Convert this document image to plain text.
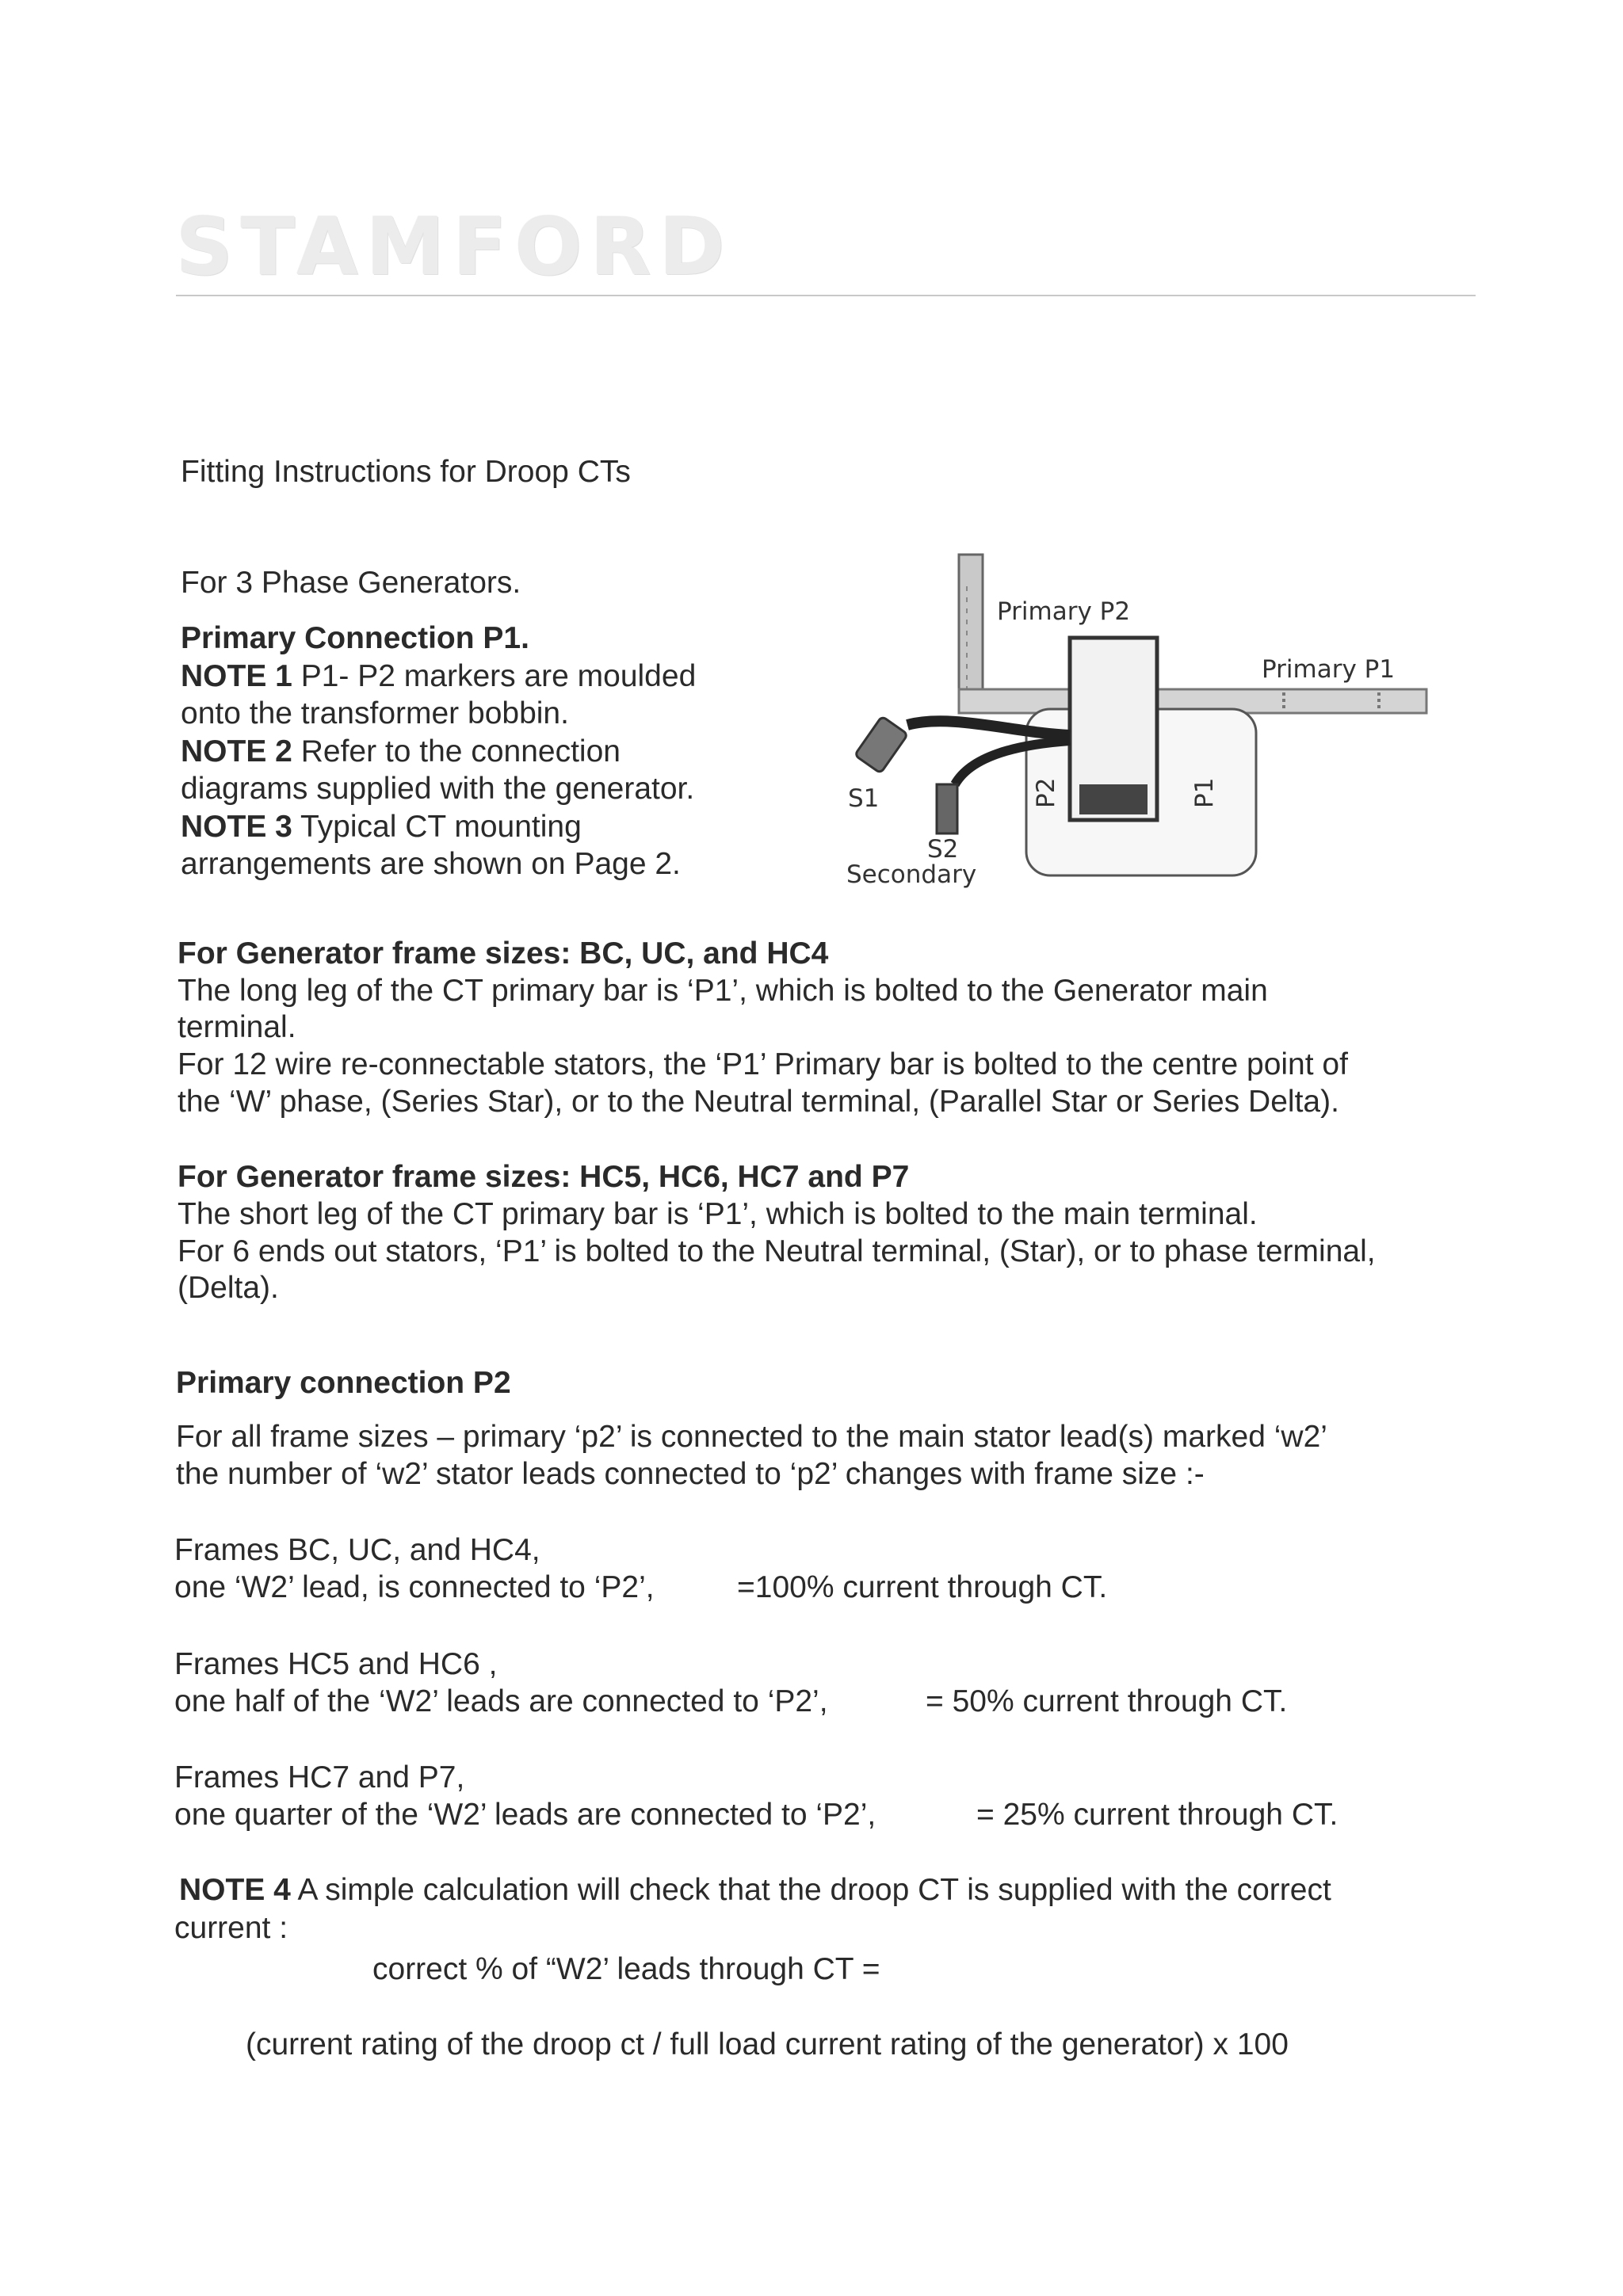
STAMFORD
Fitting Instructions for Droop CTs
For 3 Phase Generators.
Primary Connection P1.
NOTE 1 P1- P2 markers are moulded
onto the transformer bobbin.
NOTE 2 Refer to the connection
diagrams supplied with the generator.
NOTE 3 Typical CT mounting
arrangements are shown on Page 2.
Primary P2
Primary P1
S1
S2
Secondary
P2	P1
For Generator frame sizes: BC, UC, and HC4
The long leg of the CT primary bar is ‘P1’, which is bolted to the Generator main
terminal.
For 12 wire re-connectable stators, the ‘P1’ Primary bar is bolted to the centre point of
the ‘W’ phase, (Series Star), or to the Neutral terminal, (Parallel Star or Series Delta).
For Generator frame sizes: HC5, HC6, HC7 and P7
The short leg of the CT primary bar is ‘P1’, which is bolted to the main terminal.
For 6 ends out stators, ‘P1’ is bolted to the Neutral terminal, (Star), or to phase terminal,
(Delta).
Primary connection P2
For all frame sizes – primary ‘p2’ is connected to the main stator lead(s) marked ‘w2’
the number of ‘w2’ stator leads connected to ‘p2’ changes with frame size :-
Frames BC, UC, and HC4,
one ‘W2’ lead, is connected to ‘P2’,	=100% current through CT.
Frames HC5 and HC6 ,
one half of the ‘W2’ leads are connected to ‘P2’,	= 50% current through CT.
Frames HC7 and P7,
one quarter of the ‘W2’ leads are connected to ‘P2’,	= 25% current through CT.
NOTE 4 A simple calculation will check that the droop CT is supplied with the correct
current :
correct % of “W2’ leads through CT =
(current rating of the droop ct / full load current rating of the generator) x 100
